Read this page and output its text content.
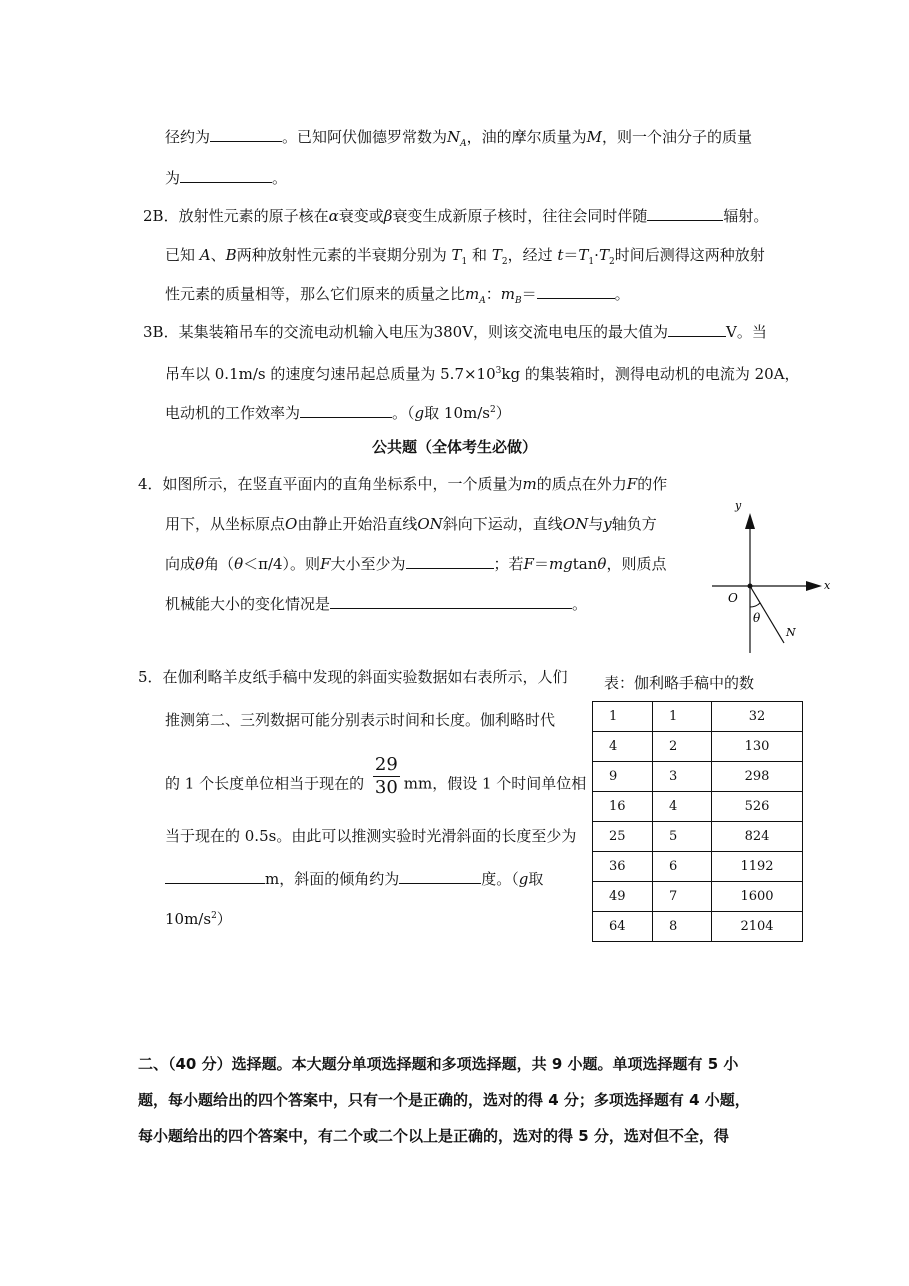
径约为	。已知阿伏伽德罗常数为$N_A$，油的摩尔质量为M，则一个油分子的质量
为	。
2B．放射性元素的原子核在α衰变或β衰变生成新原子核时，往往会同时伴随	辐射。
已知 A、B两种放射性元素的半衰期分别为 $T_1$ 和 $T_2$，经过 $t=T_1\cdot T_2$时间后测得这两种放射
性元素的质量相等，那么它们原来的质量之比$m_A$：$m_B=$	。
3B．某集装箱吊车的交流电动机输入电压为380V，则该交流电电压的最大值为	V。当
吊车以 0.1m/s 的速度匀速吊起总质量为 $5.7\times 10^3kg$ 的集装箱时，测得电动机的电流为 20A，
电动机的工作效率为	。（g取 $10m/s^2$）
公共题（全体考生必做）
4．如图所示，在竖直平面内的直角坐标系中，一个质量为m的质点在外力F的作
用下，从坐标原点O由静止开始沿直线ON斜向下运动，直线ON与y轴负方
向成θ角（θ＜π/4）。则F大小至少为	；若F＝mgtanθ，则质点
机械能大小的变化情况是	。
y
x
O
θ
N
5．在伽利略羊皮纸手稿中发现的斜面实验数据如右表所示，人们
推测第二、三列数据可能分别表示时间和长度。伽利略时代
的 1 个长度单位相当于现在的 $\frac{29}{30}$ mm，假设 1 个时间单位相
当于现在的 0.5s。由此可以推测实验时光滑斜面的长度至少为
m，斜面的倾角约为	度。（g取
$10m/s^2$）
表：伽利略手稿中的数
1	1	32
4	2	130
9	3	298
16	4	526
25	5	824
36	6	1192
49	7	1600
64	8	2104
二、（40 分）选择题。本大题分单项选择题和多项选择题，共 9 小题。单项选择题有 5 小
题，每小题给出的四个答案中，只有一个是正确的，选对的得 4 分；多项选择题有 4 小题，
每小题给出的四个答案中，有二个或二个以上是正确的，选对的得 5 分，选对但不全，得
